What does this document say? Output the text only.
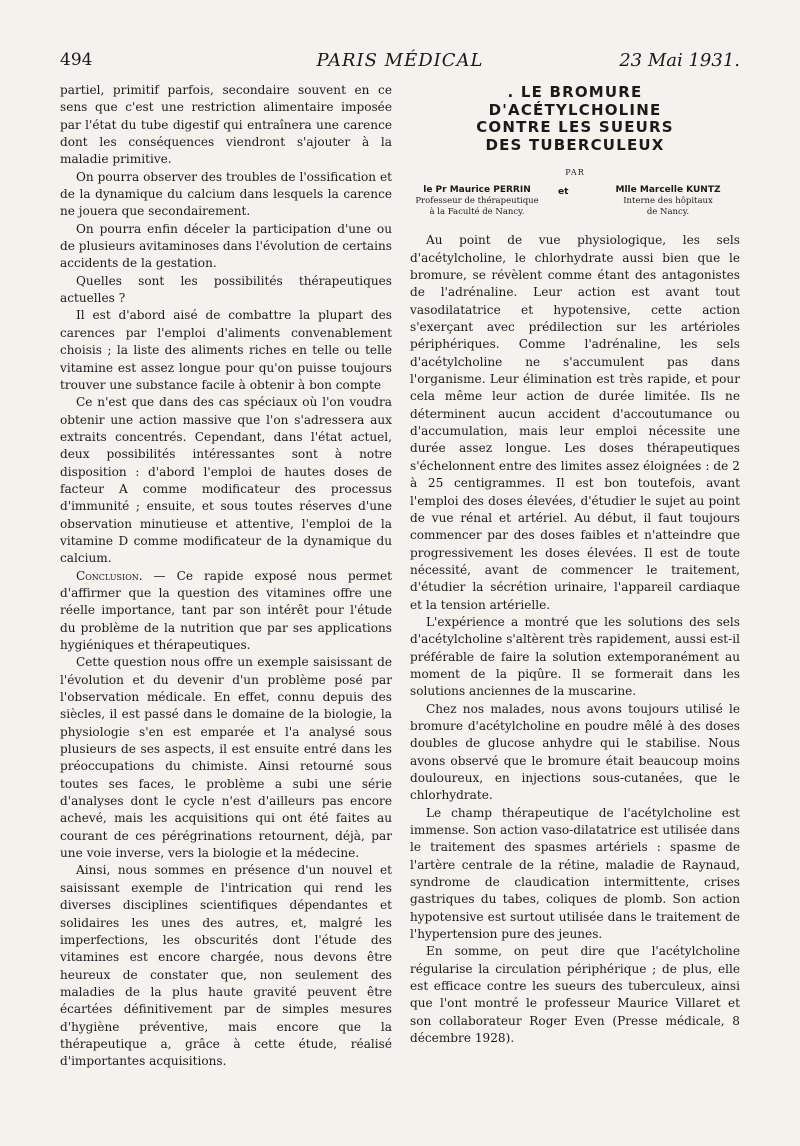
494	PARIS MÉDICAL	23 Mai 1931.

partiel, primitif parfois, secondaire souvent en ce sens que c'est une restriction alimentaire imposée par l'état du tube digestif qui entraînera une carence dont les conséquences viendront s'ajouter à la maladie primitive.

On pourra observer des troubles de l'ossification et de la dynamique du calcium dans lesquels la carence ne jouera que secondairement.

On pourra enfin déceler la participation d'une ou de plusieurs avitaminoses dans l'évolution de certains accidents de la gestation.

Quelles sont les possibilités thérapeutiques actuelles ?

Il est d'abord aisé de combattre la plupart des carences par l'emploi d'aliments convenablement choisis ; la liste des aliments riches en telle ou telle vitamine est assez longue pour qu'on puisse toujours trouver une substance facile à obtenir à bon compte

Ce n'est que dans des cas spéciaux où l'on voudra obtenir une action massive que l'on s'adressera aux extraits concentrés. Cependant, dans l'état actuel, deux possibilités intéressantes sont à notre disposition : d'abord l'emploi de hautes doses de facteur A comme modificateur des processus d'immunité ; ensuite, et sous toutes réserves d'une observation minutieuse et attentive, l'emploi de la vitamine D comme modificateur de la dynamique du calcium.

Conclusion. — Ce rapide exposé nous permet d'affirmer que la question des vitamines offre une réelle importance, tant par son intérêt pour l'étude du problème de la nutrition que par ses applications hygiéniques et thérapeutiques.

Cette question nous offre un exemple saisissant de l'évolution et du devenir d'un problème posé par l'observation médicale. En effet, connu depuis des siècles, il est passé dans le domaine de la biologie, la physiologie s'en est emparée et l'a analysé sous plusieurs de ses aspects, il est ensuite entré dans les préoccupations du chimiste. Ainsi retourné sous toutes ses faces, le problème a subi une série d'analyses dont le cycle n'est d'ailleurs pas encore achevé, mais les acquisitions qui ont été faites au courant de ces pérégrinations retournent, déjà, par une voie inverse, vers la biologie et la médecine.

Ainsi, nous sommes en présence d'un nouvel et saisissant exemple de l'intrication qui rend les diverses disciplines scientifiques dépendantes et solidaires les unes des autres, et, malgré les imperfections, les obscurités dont l'étude des vitamines est encore chargée, nous devons être heureux de constater que, non seulement des maladies de la plus haute gravité peuvent être écartées définitivement par de simples mesures d'hygiène préventive, mais encore que la thérapeutique a, grâce à cette étude, réalisé d'importantes acquisitions.

. LE BROMURE
D'ACÉTYLCHOLINE
CONTRE LES SUEURS
DES TUBERCULEUX
PAR
le Pr Maurice PERRIN
Professeur de thérapeutique
à la Faculté de Nancy.
et	Mlle Marcelle KUNTZ
Interne des hôpitaux
de Nancy.

Au point de vue physiologique, les sels d'acétylcholine, le chlorhydrate aussi bien que le bromure, se révèlent comme étant des antagonistes de l'adrénaline. Leur action est avant tout vasodilatatrice et hypotensive, cette action s'exerçant avec prédilection sur les artérioles périphériques. Comme l'adrénaline, les sels d'acétylcholine ne s'accumulent pas dans l'organisme. Leur élimination est très rapide, et pour cela même leur action de durée limitée. Ils ne déterminent aucun accident d'accoutumance ou d'accumulation, mais leur emploi nécessite une durée assez longue. Les doses thérapeutiques s'échelonnent entre des limites assez éloignées : de 2 à 25 centigrammes. Il est bon toutefois, avant l'emploi des doses élevées, d'étudier le sujet au point de vue rénal et artériel. Au début, il faut toujours commencer par des doses faibles et n'atteindre que progressivement les doses élevées. Il est de toute nécessité, avant de commencer le traitement, d'étudier la sécrétion urinaire, l'appareil cardiaque et la tension artérielle.

L'expérience a montré que les solutions des sels d'acétylcholine s'altèrent très rapidement, aussi est-il préférable de faire la solution extemporanément au moment de la piqûre. Il se formerait dans les solutions anciennes de la muscarine.

Chez nos malades, nous avons toujours utilisé le bromure d'acétylcholine en poudre mêlé à des doses doubles de glucose anhydre qui le stabilise. Nous avons observé que le bromure était beaucoup moins douloureux, en injections sous-cutanées, que le chlorhydrate.

Le champ thérapeutique de l'acétylcholine est immense. Son action vaso-dilatatrice est utilisée dans le traitement des spasmes artériels : spasme de l'artère centrale de la rétine, maladie de Raynaud, syndrome de claudication intermittente, crises gastriques du tabes, coliques de plomb. Son action hypotensive est surtout utilisée dans le traitement de l'hypertension pure des jeunes.

En somme, on peut dire que l'acétylcholine régularise la circulation périphérique ; de plus, elle est efficace contre les sueurs des tuberculeux, ainsi que l'ont montré le professeur Maurice Villaret et son collaborateur Roger Even (Presse médicale, 8 décembre 1928).
